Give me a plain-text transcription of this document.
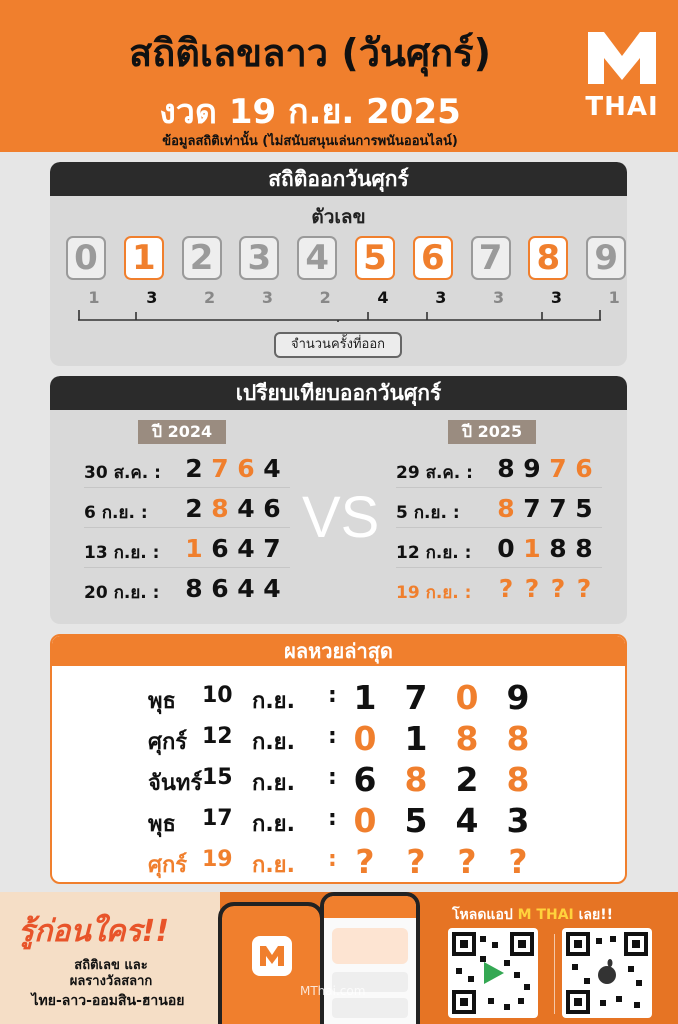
สถิติเลขลาว (วันศุกร์)
งวด 19 ก.ย. 2025
ข้อมูลสถิติเท่านั้น (ไม่สนับสนุนเล่นการพนันออนไลน์)
THAI
สถิติออกวันศุกร์
ตัวเลข
0 1 2 3 4 5 6 7 8 9
จำนวนครั้งที่ออก
1	3	2	3	2	4	3	3	3	1
เปรียบเทียบออกวันศุกร์
ปี 2024	ปี 2025
VS
30 ส.ค. : 2 7 6 4
6 ก.ย. : 2 8 4 6
13 ก.ย. : 1 6 4 7
20 ก.ย. : 8 6 4 4
29 ส.ค. : 8 9 7 6
5 ก.ย. : 8 7 7 5
12 ก.ย. : 0 1 8 8
19 ก.ย. : ? ? ? ?
ผลหวยล่าสุด
พุธ 10 ก.ย. : 1 7 0 9
ศุกร์ 12 ก.ย. : 0 1 8 8
จันทร์ 15 ก.ย. : 6 8 2 8
พุธ 17 ก.ย. : 0 5 4 3
ศุกร์ 19 ก.ย. : ? ? ? ?
รู้ก่อนใคร!!
สถิติเลข และ
ผลรางวัลสลาก
ไทย-ลาว-ออมสิน-ฮานอย
MThai.com
โหลดแอป M THAI เลย!!
